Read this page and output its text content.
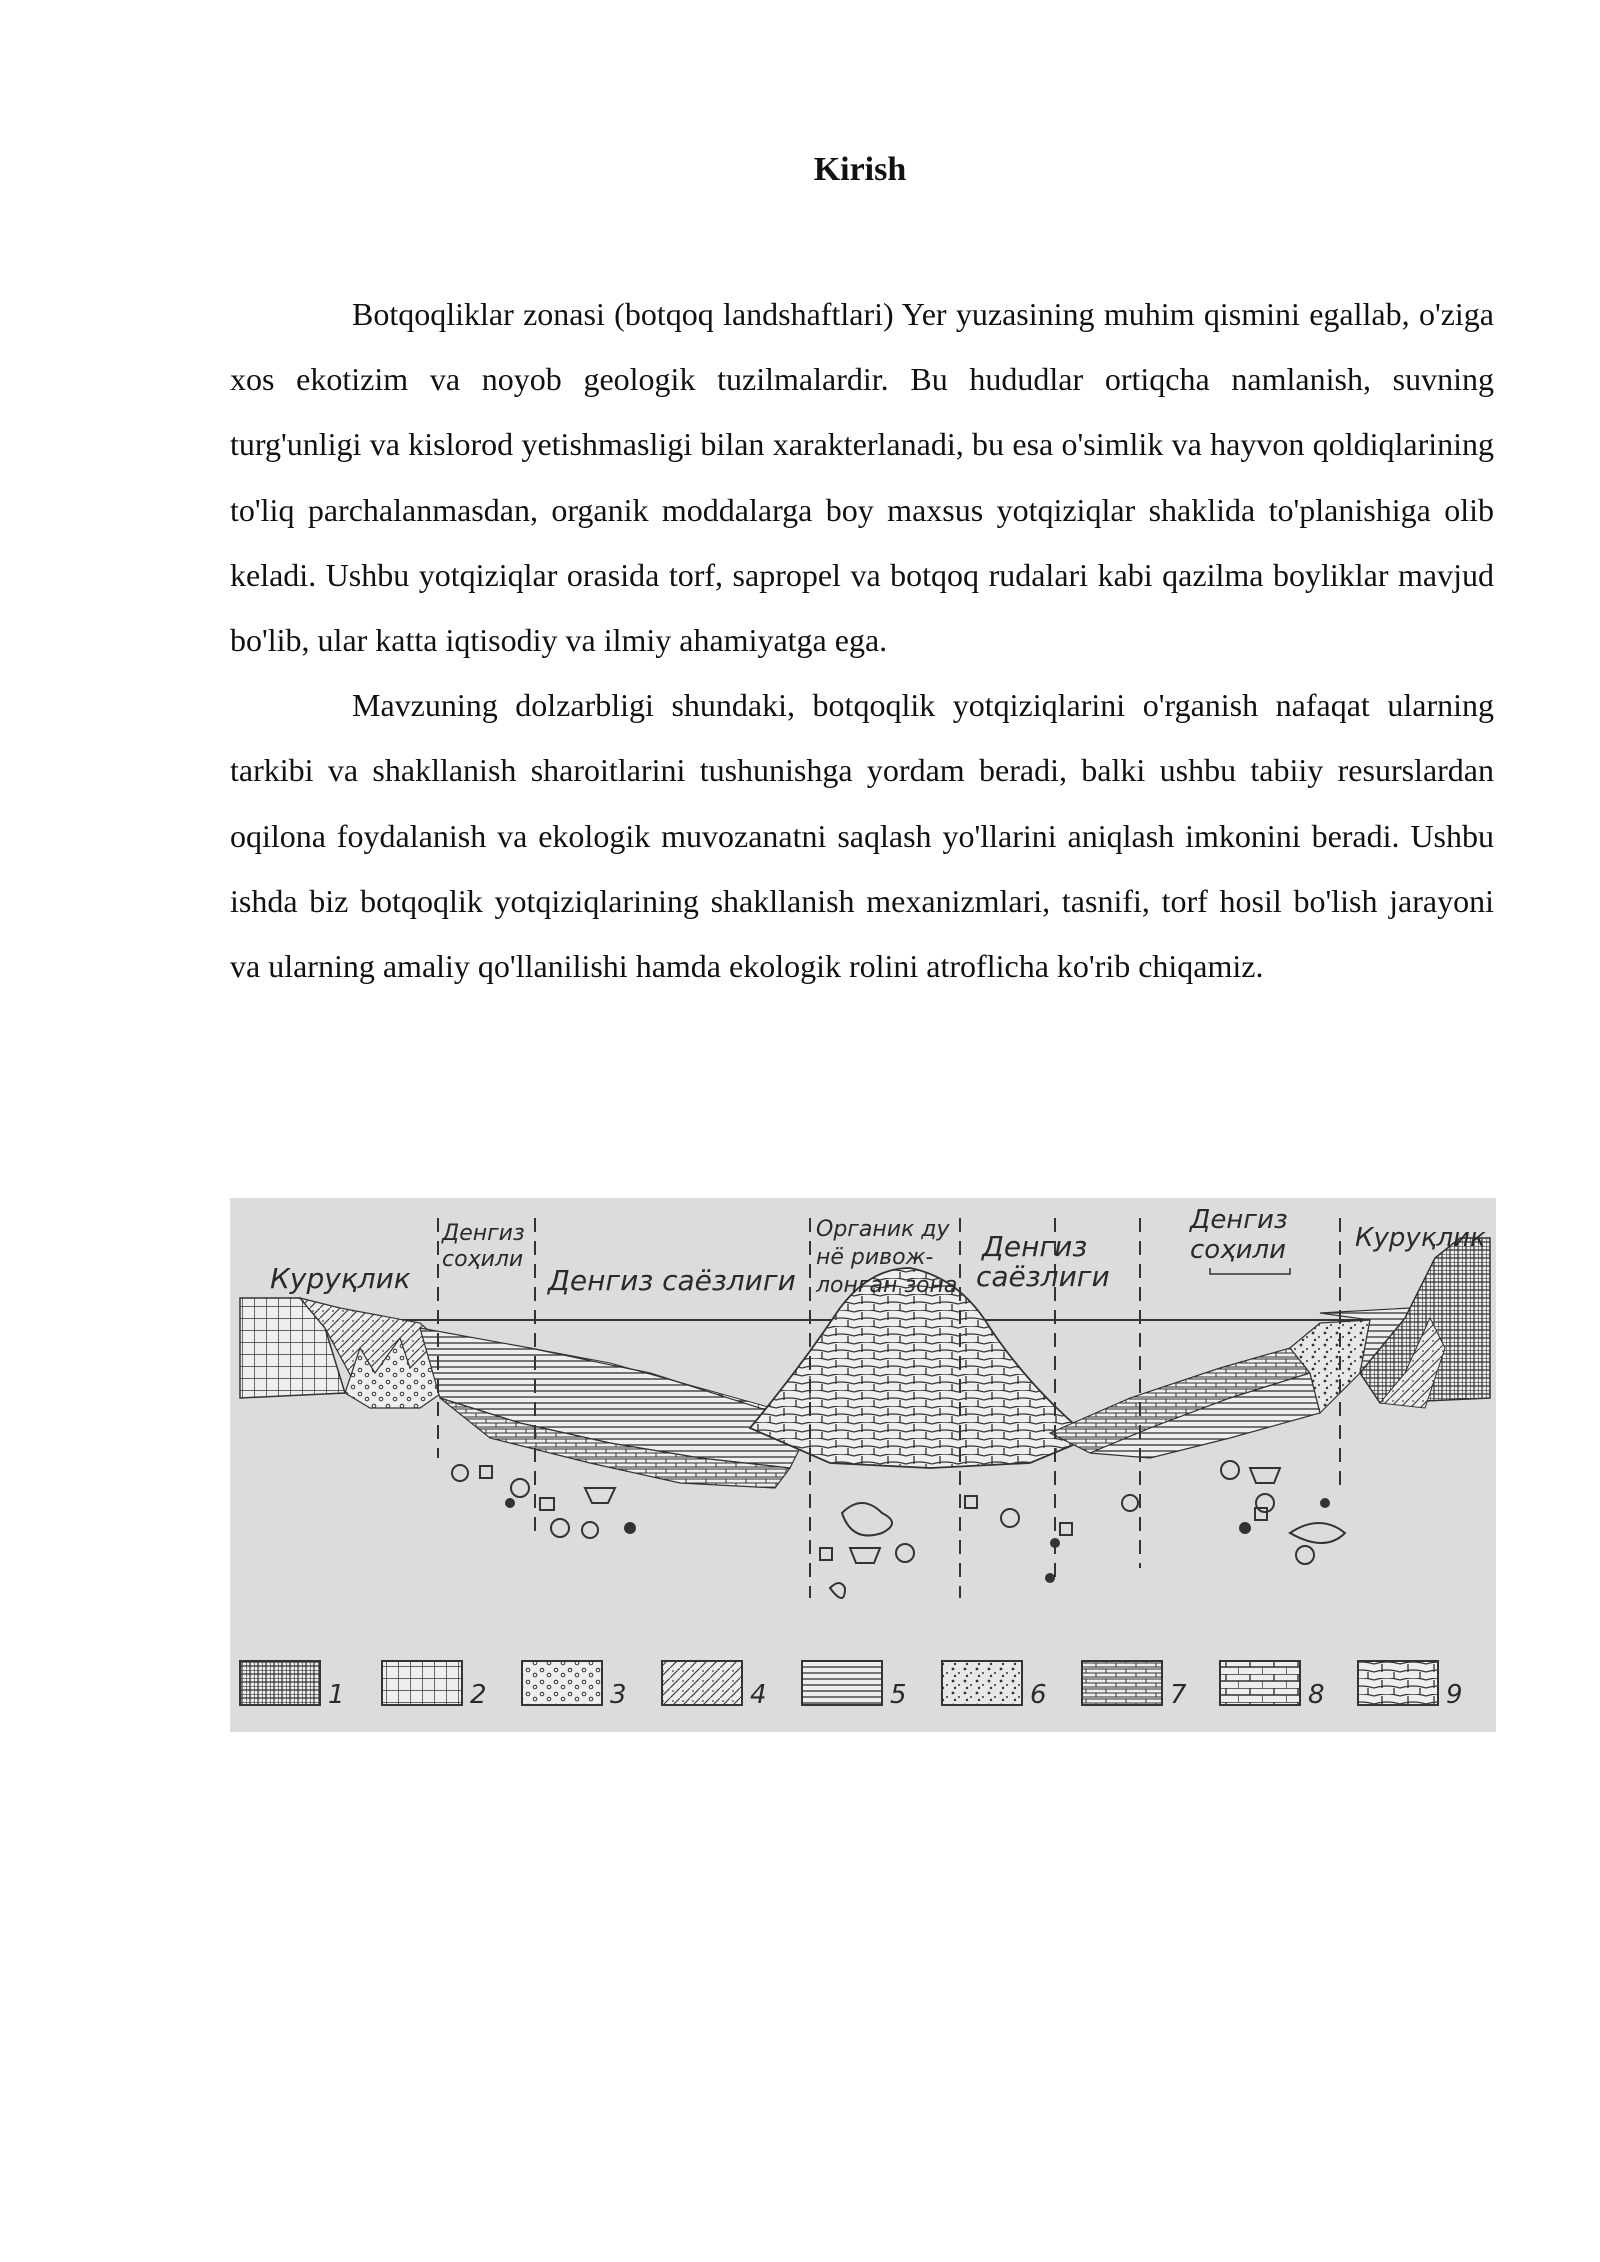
Kirish

Botqoqliklar zonasi (botqoq landshaftlari) Yer yuzasining muhim qismini egallab, o'ziga xos ekotizim va noyob geologik tuzilmalardir. Bu hududlar ortiqcha namlanish, suvning turg'unligi va kislorod yetishmasligi bilan xarakterlanadi, bu esa o'simlik va hayvon qoldiqlarining to'liq parchalanmasdan, organik moddalarga boy maxsus yotqiziqlar shaklida to'planishiga olib keladi. Ushbu yotqiziqlar orasida torf, sapropel va botqoq rudalari kabi qazilma boyliklar mavjud bo'lib, ular katta iqtisodiy va ilmiy ahamiyatga ega.

Mavzuning dolzarbligi shundaki, botqoqlik yotqiziqlarini o'rganish nafaqat ularning tarkibi va shakllanish sharoitlarini tushunishga yordam beradi, balki ushbu tabiiy resurslardan oqilona foydalanish va ekologik muvozanatni saqlash yo'llarini aniqlash imkonini beradi. Ushbu ishda biz botqoqlik yotqiziqlarining shakllanish mexanizmlari, tasnifi, torf hosil bo'lish jarayoni va ularning amaliy qo'llanilishi hamda ekologik rolini atroflicha ko'rib chiqamiz.

Куруқлик
Денгиз
соҳили
Денгиз саёзлиги
Органик ду
нё ривож-
лонган зона
Денгиз
саёзлиги
Денгиз
соҳили	Куруқлик
1	2	3	4	5	6	7	8	9
